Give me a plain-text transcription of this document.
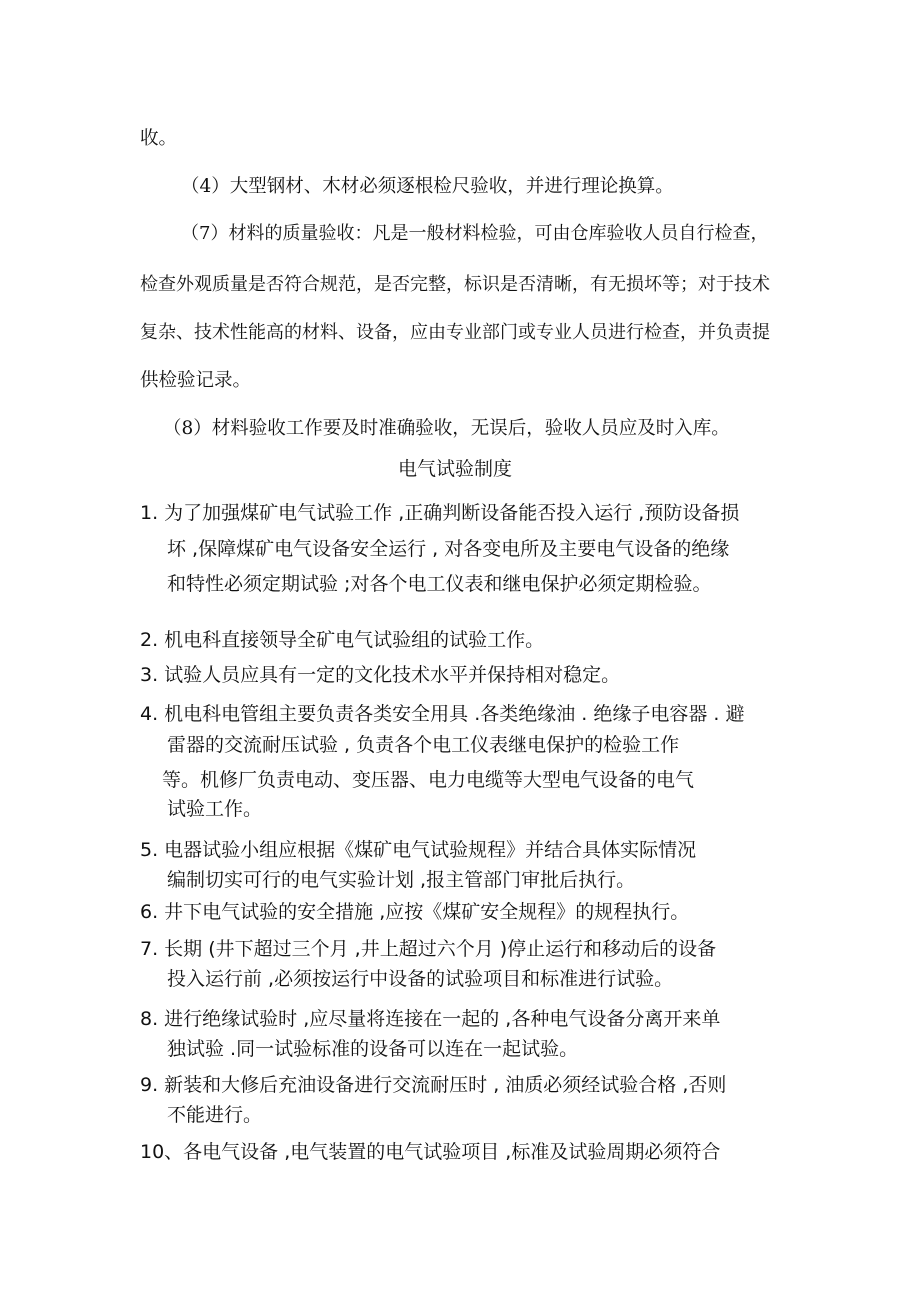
收。
（4）大型钢材、木材必须逐根检尺验收，并进行理论换算。
（7）材料的质量验收：凡是一般材料检验，可由仓库验收人员自行检查，
检查外观质量是否符合规范，是否完整，标识是否清晰，有无损坏等；对于技术
复杂、技术性能高的材料、设备，应由专业部门或专业人员进行检查，并负责提
供检验记录。
（8）材料验收工作要及时准确验收，无误后，验收人员应及时入库。
电气试验制度
1. 为了加强煤矿电气试验工作 ,正确判断设备能否投入运行 ,预防设备损
坏 ,保障煤矿电气设备安全运行 , 对各变电所及主要电气设备的绝缘
和特性必须定期试验 ;对各个电工仪表和继电保护必须定期检验。
2. 机电科直接领导全矿电气试验组的试验工作。
3. 试验人员应具有一定的文化技术水平并保持相对稳定。
4. 机电科电管组主要负责各类安全用具 .各类绝缘油 . 绝缘子电容器 . 避
雷器的交流耐压试验 , 负责各个电工仪表继电保护的检验工作
等。机修厂负责电动、变压器、电力电缆等大型电气设备的电气
试验工作。
5. 电器试验小组应根据《煤矿电气试验规程》并结合具体实际情况
编制切实可行的电气实验计划 ,报主管部门审批后执行。
6. 井下电气试验的安全措施 ,应按《煤矿安全规程》的规程执行。
7. 长期 (井下超过三个月 ,井上超过六个月 )停止运行和移动后的设备
投入运行前 ,必须按运行中设备的试验项目和标准进行试验。
8. 进行绝缘试验时 ,应尽量将连接在一起的 ,各种电气设备分离开来单
独试验 .同一试验标准的设备可以连在一起试验。
9. 新装和大修后充油设备进行交流耐压时 , 油质必须经试验合格 ,否则
不能进行。
10、各电气设备 ,电气装置的电气试验项目 ,标准及试验周期必须符合
